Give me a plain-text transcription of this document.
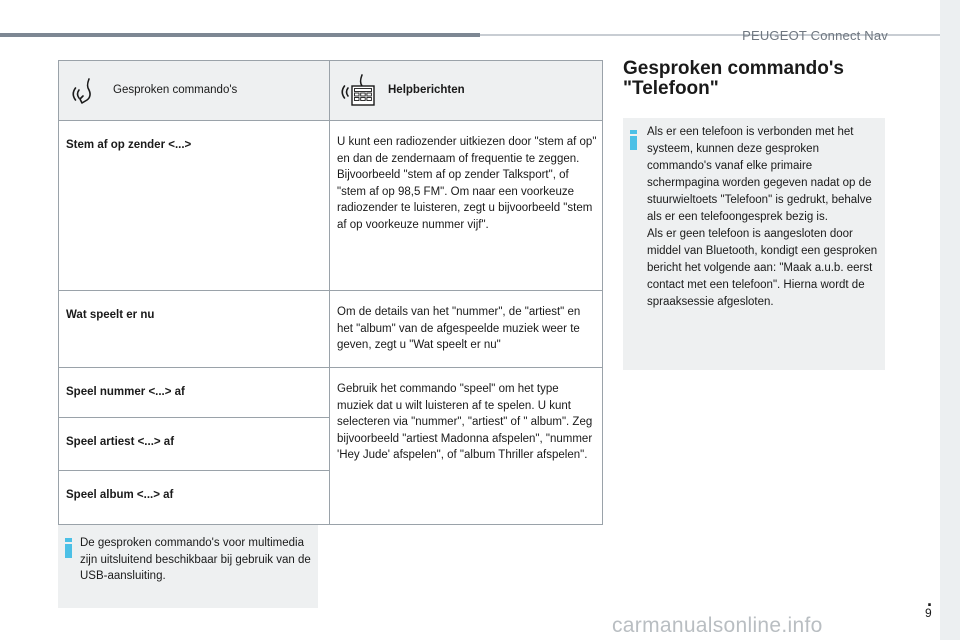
PEUGEOT Connect Nav
Gesproken commando's	Helpberichten

Stem af op zender <...>	U kunt een radiozender uitkiezen door "stem af op" en dan de zendernaam of frequentie te zeggen. Bijvoorbeeld "stem af op zender Talksport", of "stem af op 98,5 FM". Om naar een voorkeuze radiozender te luisteren, zegt u bijvoorbeeld "stem af op voorkeuze nummer vijf".
Wat speelt er nu	Om de details van het "nummer", de "artiest" en het "album" van de afgespeelde muziek weer te geven, zegt u "Wat speelt er nu"
Speel nummer <...> af	Gebruik het commando "speel" om het type muziek dat u wilt luisteren af te spelen. U kunt selecteren via "nummer", "artiest" of " album". Zeg bijvoorbeeld "artiest Madonna afspelen", "nummer 'Hey Jude' afspelen", of "album Thriller afspelen".
Speel artiest <...> af	
Speel album <...> af	

De gesproken commando's voor multimedia zijn uitsluitend beschikbaar bij gebruik van de USB-aansluiting.

Gesproken commando's "Telefoon"

Als er een telefoon is verbonden met het systeem, kunnen deze gesproken commando's vanaf elke primaire schermpagina worden gegeven nadat op de stuurwieltoets "Telefoon" is gedrukt, behalve als er een telefoongesprek bezig is.
Als er geen telefoon is aangesloten door middel van Bluetooth, kondigt een gesproken bericht het volgende aan: "Maak a.u.b. eerst contact met een telefoon". Hierna wordt de spraaksessie afgesloten.

.
9
carmanualsonline.info
